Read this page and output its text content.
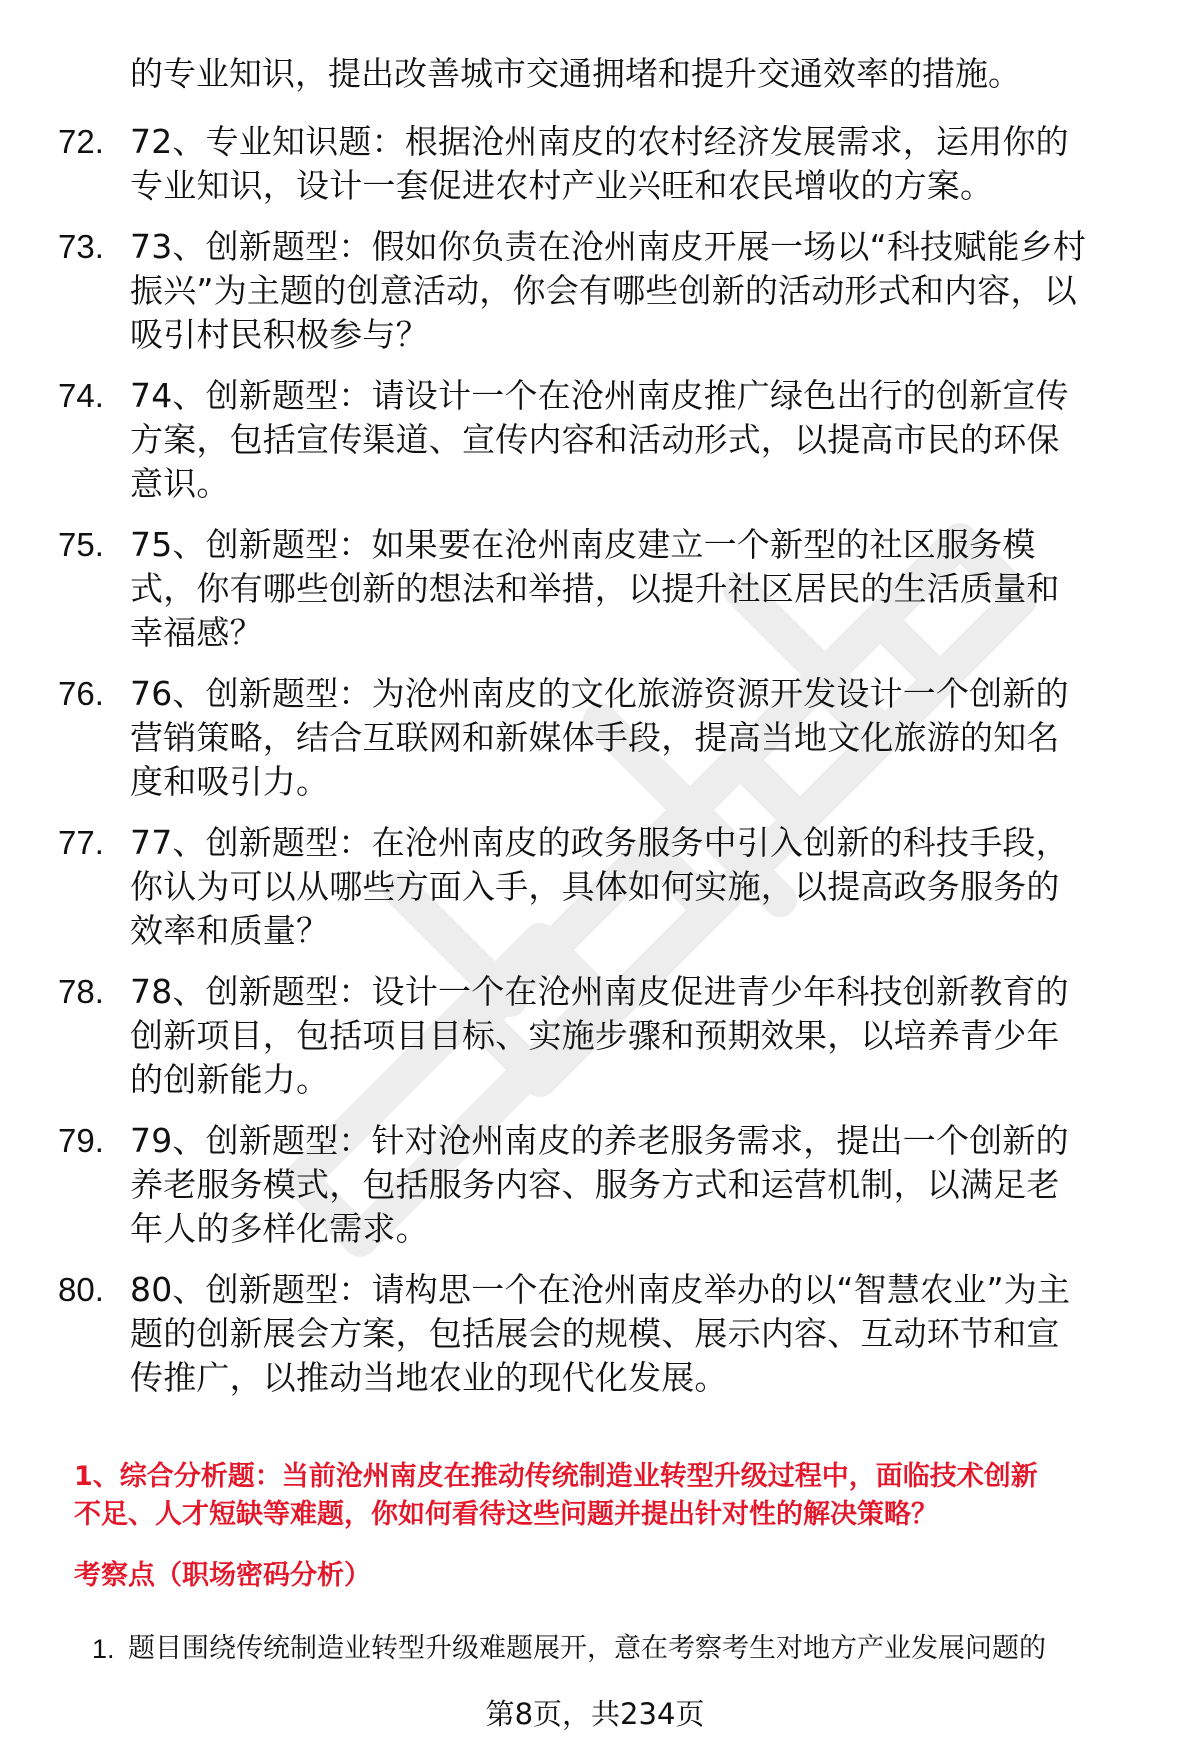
的专业知识，提出改善城市交通拥堵和提升交通效率的措施。
72. 72、专业知识题：根据沧州南皮的农村经济发展需求，运用你的
专业知识，设计一套促进农村产业兴旺和农民增收的方案。
73. 73、创新题型：假如你负责在沧州南皮开展一场以“科技赋能乡村
振兴”为主题的创意活动，你会有哪些创新的活动形式和内容，以
吸引村民积极参与？
74. 74、创新题型：请设计一个在沧州南皮推广绿色出行的创新宣传
方案，包括宣传渠道、宣传内容和活动形式，以提高市民的环保
意识。
75. 75、创新题型：如果要在沧州南皮建立一个新型的社区服务模
式，你有哪些创新的想法和举措，以提升社区居民的生活质量和
幸福感？
76. 76、创新题型：为沧州南皮的文化旅游资源开发设计一个创新的
营销策略，结合互联网和新媒体手段，提高当地文化旅游的知名
度和吸引力。
77. 77、创新题型：在沧州南皮的政务服务中引入创新的科技手段，
你认为可以从哪些方面入手，具体如何实施，以提高政务服务的
效率和质量？
78. 78、创新题型：设计一个在沧州南皮促进青少年科技创新教育的
创新项目，包括项目目标、实施步骤和预期效果，以培养青少年
的创新能力。
79. 79、创新题型：针对沧州南皮的养老服务需求，提出一个创新的
养老服务模式，包括服务内容、服务方式和运营机制，以满足老
年人的多样化需求。
80. 80、创新题型：请构思一个在沧州南皮举办的以“智慧农业”为主
题的创新展会方案，包括展会的规模、展示内容、互动环节和宣
传推广，以推动当地农业的现代化发展。
1、综合分析题：当前沧州南皮在推动传统制造业转型升级过程中，面临技术创新
不足、人才短缺等难题，你如何看待这些问题并提出针对性的解决策略？
考察点（职场密码分析）
1. 题目围绕传统制造业转型升级难题展开，意在考察考生对地方产业发展问题的
第8页，共234页
